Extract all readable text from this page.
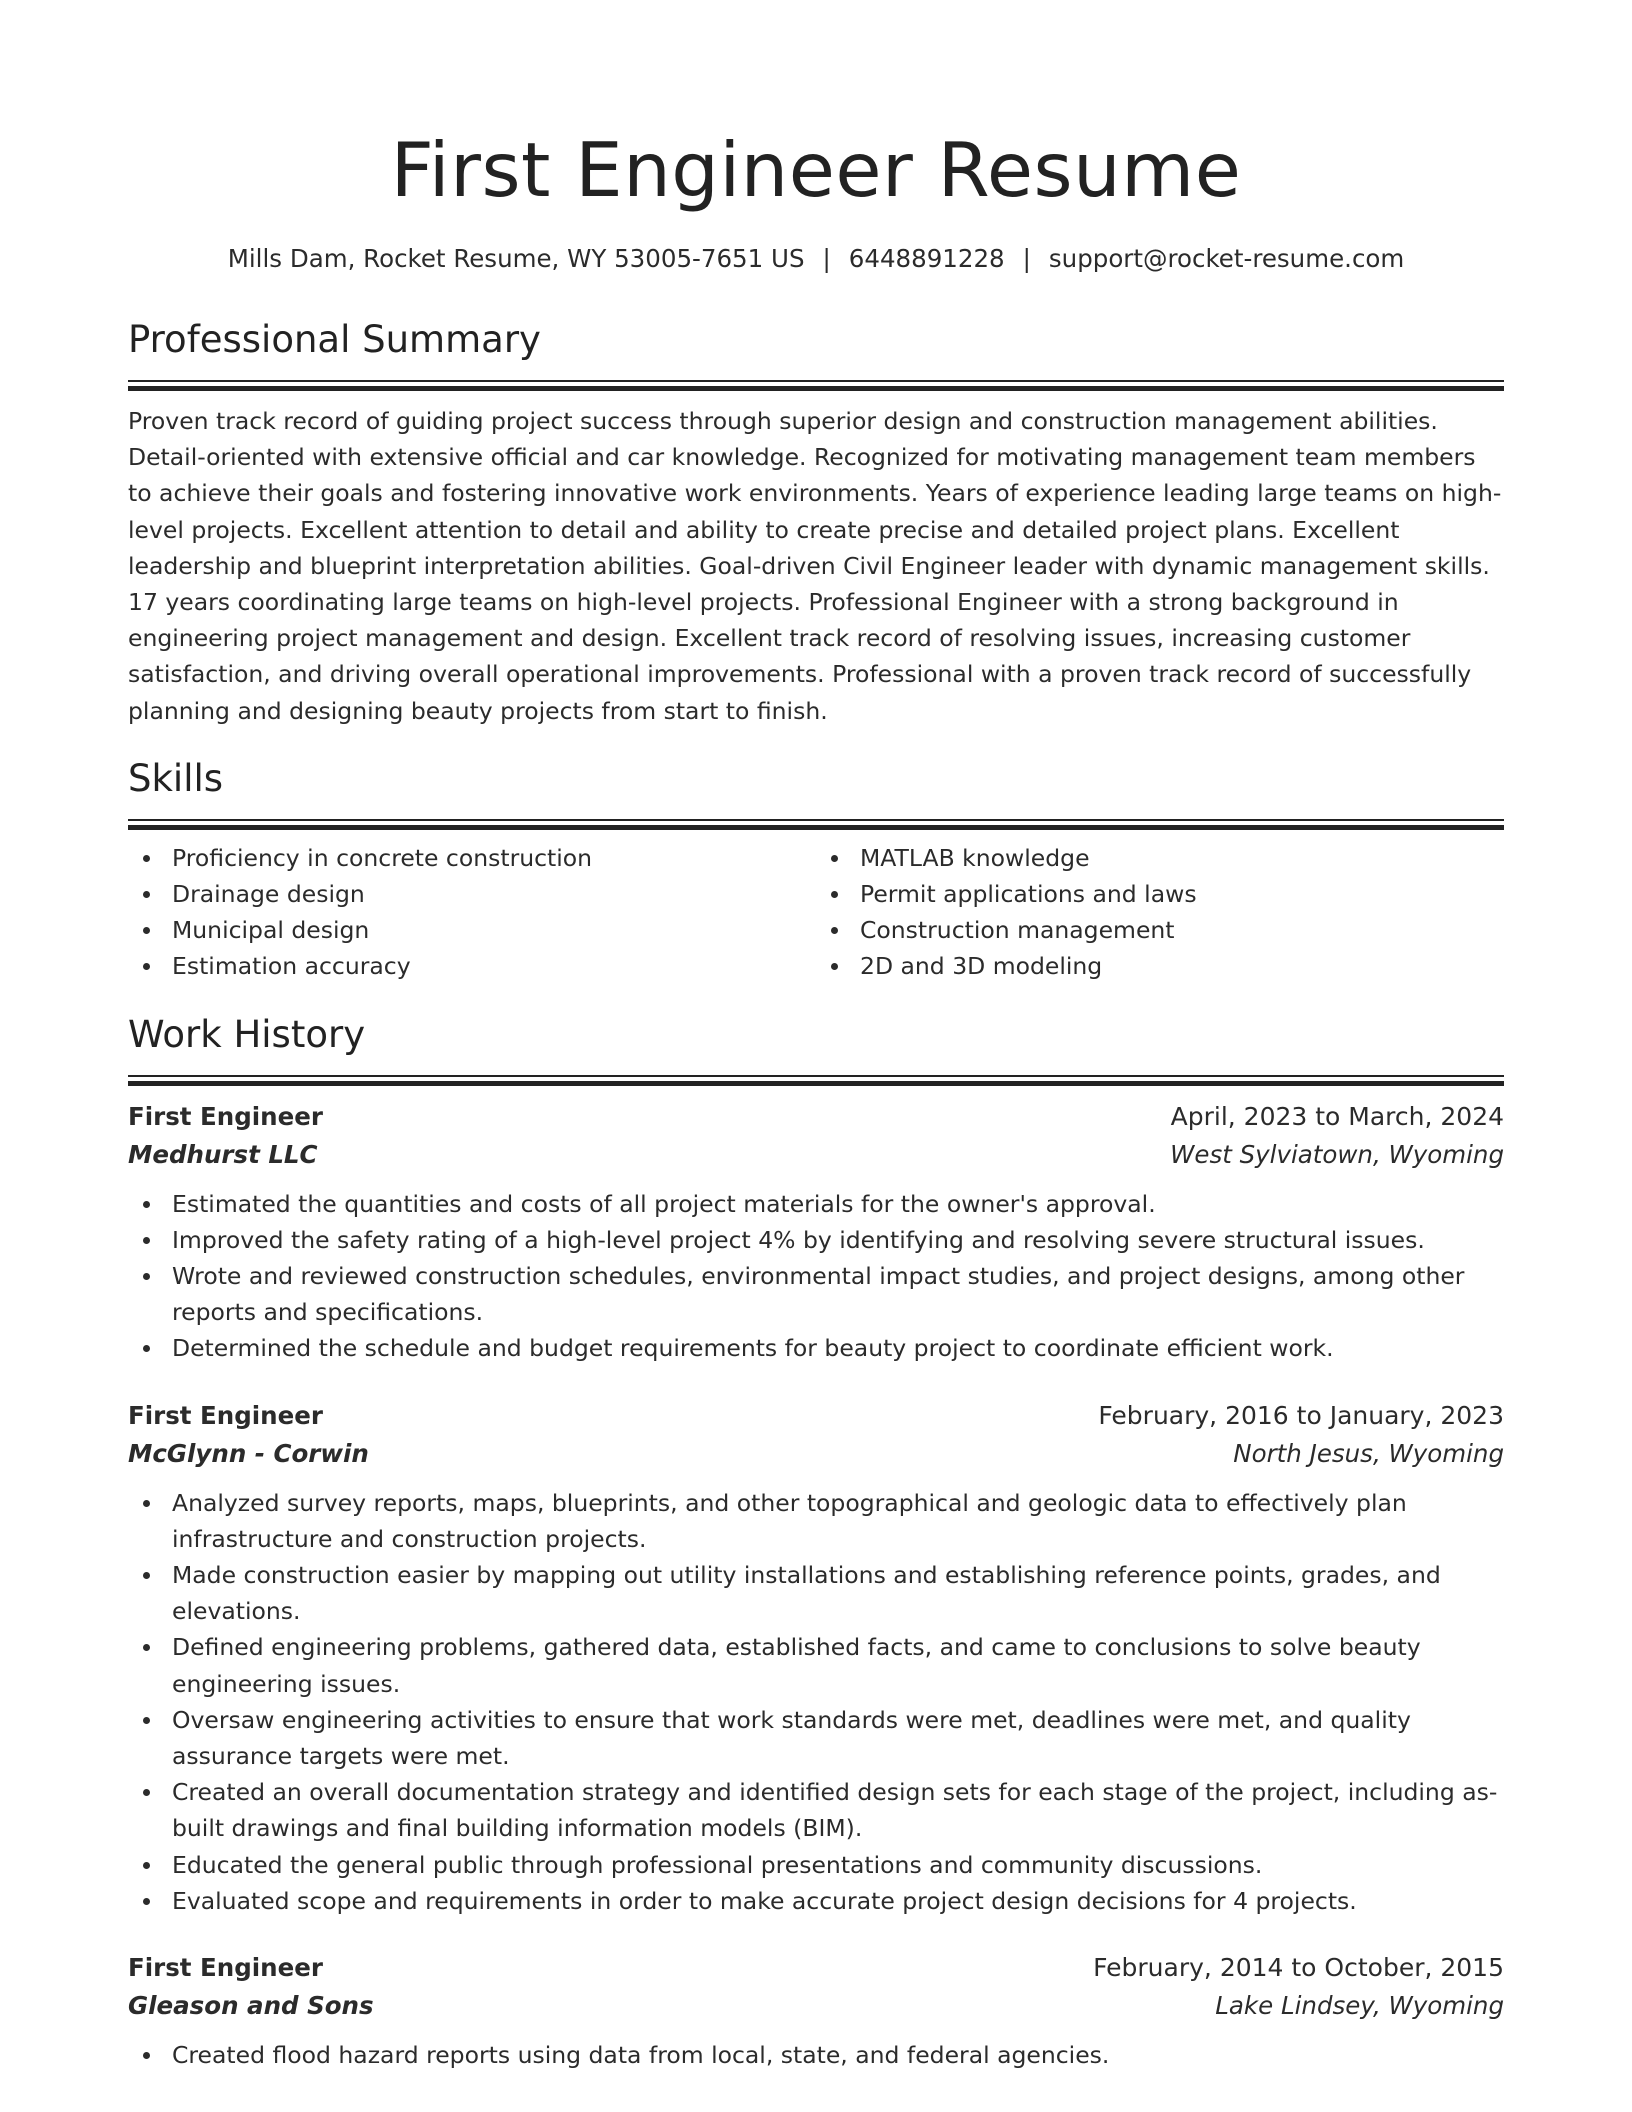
First Engineer Resume
Mills Dam, Rocket Resume, WY 53005-7651 US | 6448891228 | support@rocket-resume.com
Professional Summary
Proven track record of guiding project success through superior design and construction management abilities. Detail-oriented with extensive official and car knowledge. Recognized for motivating management team members to achieve their goals and fostering innovative work environments. Years of experience leading large teams on high-level projects. Excellent attention to detail and ability to create precise and detailed project plans. Excellent leadership and blueprint interpretation abilities. Goal-driven Civil Engineer leader with dynamic management skills. 17 years coordinating large teams on high-level projects. Professional Engineer with a strong background in engineering project management and design. Excellent track record of resolving issues, increasing customer satisfaction, and driving overall operational improvements. Professional with a proven track record of successfully planning and designing beauty projects from start to finish.
Skills
Proficiency in concrete construction
Drainage design
Municipal design
Estimation accuracy
MATLAB knowledge
Permit applications and laws
Construction management
2D and 3D modeling
Work History
First Engineer	April, 2023 to March, 2024
Medhurst LLC	West Sylviatown, Wyoming
Estimated the quantities and costs of all project materials for the owner's approval.
Improved the safety rating of a high-level project 4% by identifying and resolving severe structural issues.
Wrote and reviewed construction schedules, environmental impact studies, and project designs, among other reports and specifications.
Determined the schedule and budget requirements for beauty project to coordinate efficient work.
First Engineer	February, 2016 to January, 2023
McGlynn - Corwin	North Jesus, Wyoming
Analyzed survey reports, maps, blueprints, and other topographical and geologic data to effectively plan infrastructure and construction projects.
Made construction easier by mapping out utility installations and establishing reference points, grades, and elevations.
Defined engineering problems, gathered data, established facts, and came to conclusions to solve beauty engineering issues.
Oversaw engineering activities to ensure that work standards were met, deadlines were met, and quality assurance targets were met.
Created an overall documentation strategy and identified design sets for each stage of the project, including as-built drawings and final building information models (BIM).
Educated the general public through professional presentations and community discussions.
Evaluated scope and requirements in order to make accurate project design decisions for 4 projects.
First Engineer	February, 2014 to October, 2015
Gleason and Sons	Lake Lindsey, Wyoming
Created flood hazard reports using data from local, state, and federal agencies.
